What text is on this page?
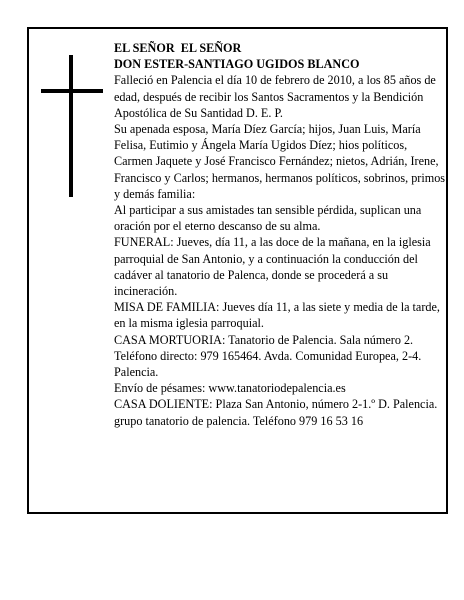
EL SEÑOR  EL SEÑOR

DON ESTER-SANTIAGO UGIDOS BLANCO

Falleció en Palencia el día 10 de febrero de 2010, a los 85 años de edad, después de recibir los Santos Sacramentos y la Bendición Apostólica de Su Santidad D. E. P.

Su apenada esposa, María Díez García; hijos, Juan Luis, María Felisa, Eutimio y Ángela María Ugidos Díez; hios políticos, Carmen Jaquete y José Francisco Fernández; nietos, Adrián, Irene, Francisco y Carlos; hermanos, hermanos políticos, sobrinos, primos y demás familia:

Al participar a sus amistades tan sensible pérdida, suplican una oración por el eterno descanso de su alma.

FUNERAL: Jueves, día 11, a las doce de la mañana, en la iglesia parroquial de San Antonio, y a continuación la conducción del cadáver al tanatorio de Palenca, donde se procederá a su incineración.

MISA DE FAMILIA: Jueves día 11, a las siete y media de la tarde, en la misma iglesia parroquial.

CASA MORTUORIA: Tanatorio de Palencia. Sala número 2. Teléfono directo: 979 165464. Avda. Comunidad Europea, 2-4. Palencia.

Envío de pésames: www.tanatoriodepalencia.es

CASA DOLIENTE: Plaza San Antonio, número 2-1.º D. Palencia.

grupo tanatorio de palencia. Teléfono 979 16 53 16
